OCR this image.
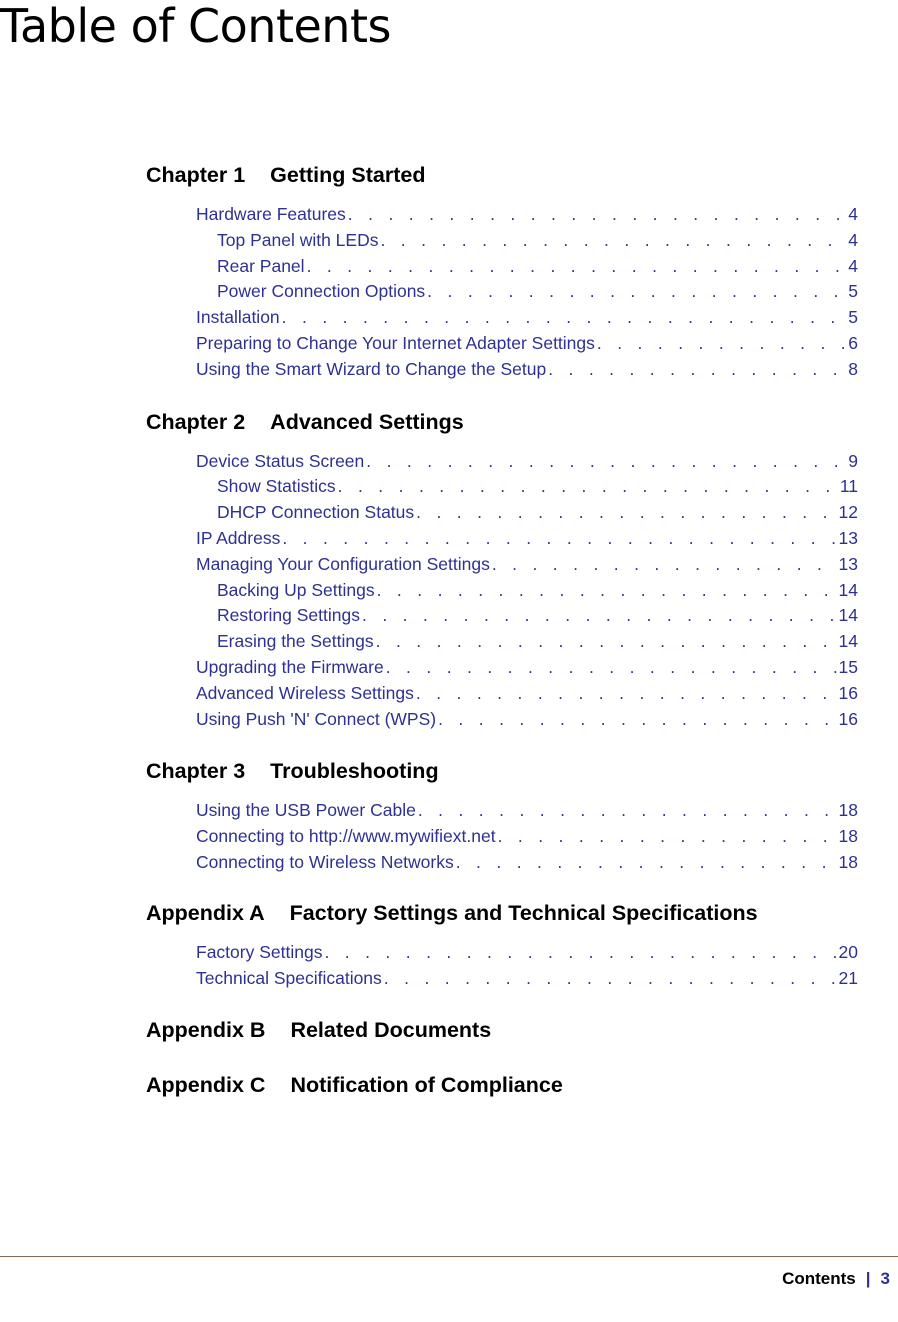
Table of Contents
Chapter 1 Getting Started
Hardware Features . . .	4
Top Panel with LEDs . . .	4
Rear Panel . . .	4
Power Connection Options . . .	5
Installation . . .	5
Preparing to Change Your Internet Adapter Settings . . .	6
Using the Smart Wizard to Change the Setup . . .	8
Chapter 2 Advanced Settings
Device Status Screen . . .	9
Show Statistics . . .	11
DHCP Connection Status . . .	12
IP Address . . .	13
Managing Your Configuration Settings . . .	13
Backing Up Settings . . .	14
Restoring Settings . . .	14
Erasing the Settings . . .	14
Upgrading the Firmware . . .	15
Advanced Wireless Settings . . .	16
Using Push 'N' Connect (WPS) . . .	16
Chapter 3 Troubleshooting
Using the USB Power Cable . . .	18
Connecting to http://www.mywifiext.net . . .	18
Connecting to Wireless Networks . . .	18
Appendix A Factory Settings and Technical Specifications
Factory Settings . . .	20
Technical Specifications . . .	21
Appendix B Related Documents
Appendix C Notification of Compliance
Contents | 3
